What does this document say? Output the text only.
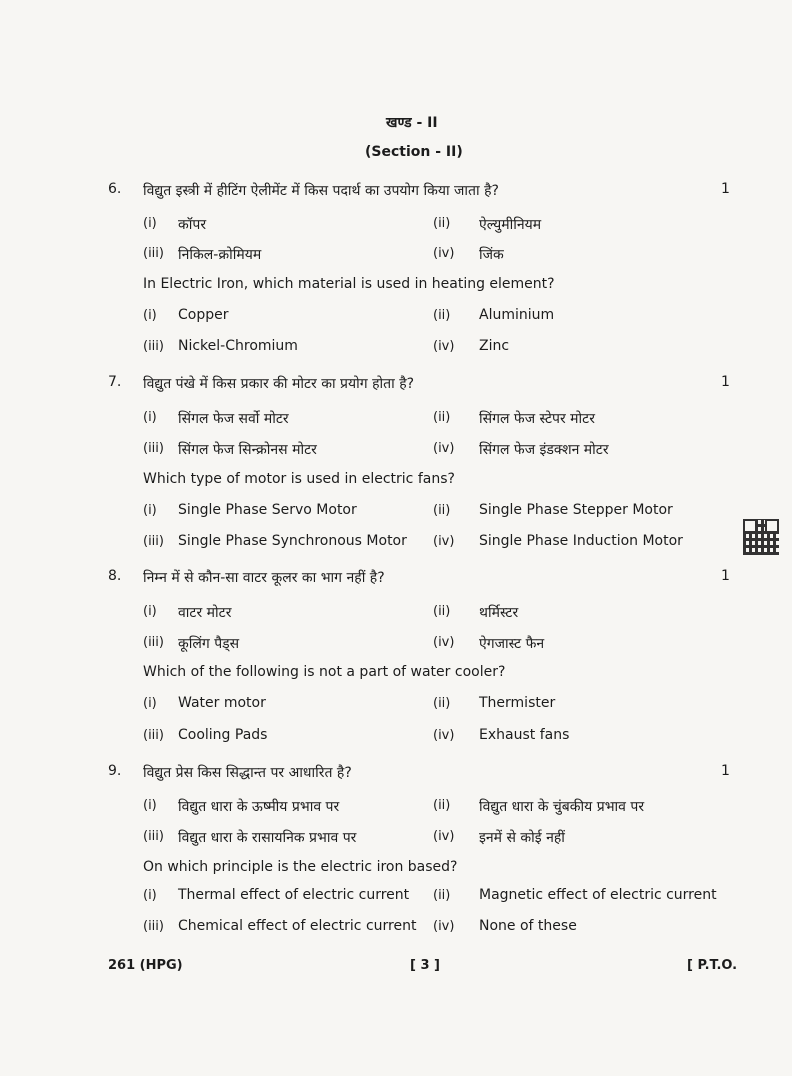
खण्ड - II
(Section - II)
6. विद्युत इस्त्री में हीटिंग ऐलीमेंट में किस पदार्थ का उपयोग किया जाता है?	1
In Electric Iron, which material is used in heating element?
(i) कॉपर	(ii) ऐल्युमीनियम
(iii) निकिल-क्रोमियम	(iv) जिंक
(i) Copper	(ii) Aluminium
(iii) Nickel-Chromium	(iv) Zinc
7. विद्युत पंखे में किस प्रकार की मोटर का प्रयोग होता है?	1
Which type of motor is used in electric fans?
(i) सिंगल फेज सर्वो मोटर	(ii) सिंगल फेज स्टेपर मोटर
(iii) सिंगल फेज सिन्क्रोनस मोटर	(iv) सिंगल फेज इंडक्शन मोटर
(i) Single Phase Servo Motor	(ii) Single Phase Stepper Motor
(iii) Single Phase Synchronous Motor (iv) Single Phase Induction Motor
8. निम्न में से कौन-सा वाटर कूलर का भाग नहीं है?	1
Which of the following is not a part of water cooler?
(i) वाटर मोटर	(ii) थर्मिस्टर
(iii) कूलिंग पैड्स	(iv) ऐगजास्ट फैन
(i) Water motor	(ii) Thermister
(iii) Cooling Pads	(iv) Exhaust fans
9. विद्युत प्रेस किस सिद्धान्त पर आधारित है?	1
On which principle is the electric iron based?
(i) विद्युत धारा के ऊष्मीय प्रभाव पर	(ii) विद्युत धारा के चुंबकीय प्रभाव पर
(iii) विद्युत धारा के रासायनिक प्रभाव पर	(iv) इनमें से कोई नहीं
(i) Thermal effect of electric current (ii) Magnetic effect of electric current
(iii) Chemical effect of electric current (iv) None of these
261 (HPG)	[ 3 ]	[ P.T.O.
